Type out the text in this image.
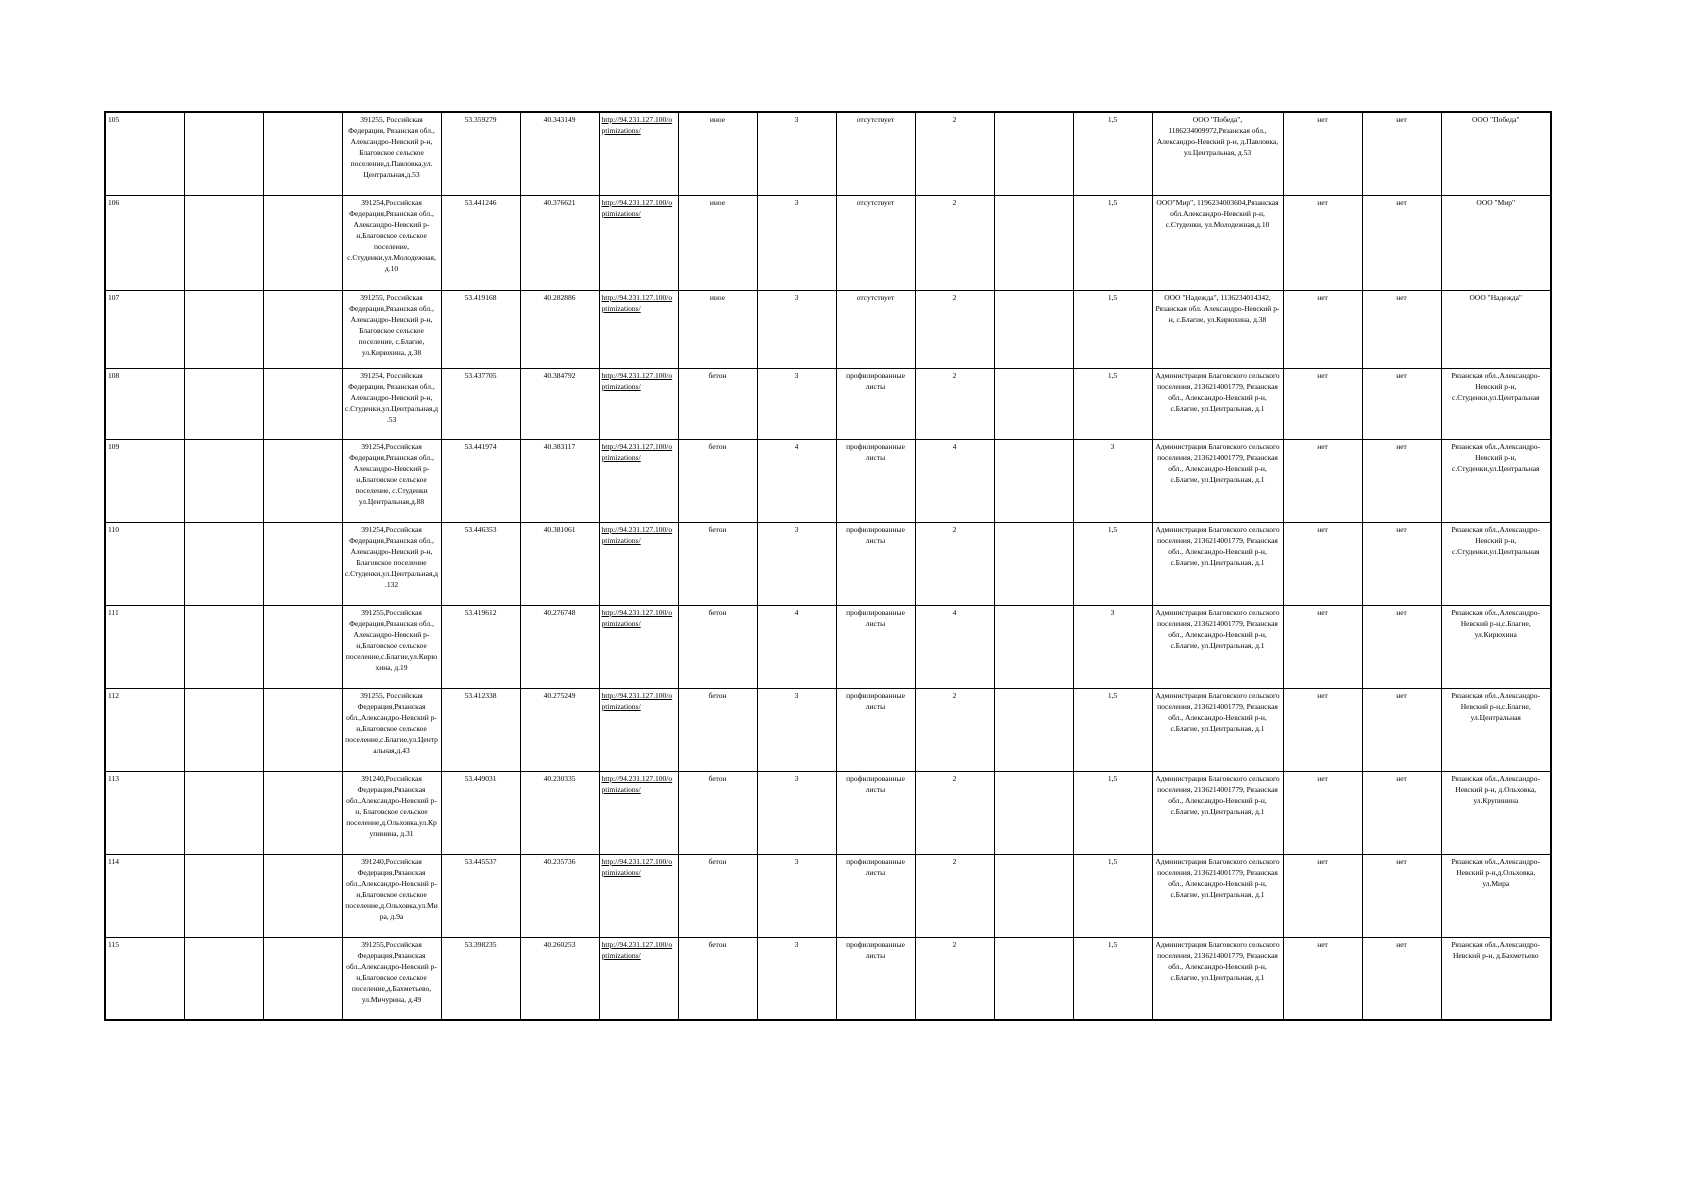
105			391255, Российская Федерация, Рязанская обл., Александро-Невский р-н, Благовское сельское поселение,д.Павловка,ул. Центральная,д.53	53.359279	40.343149	http://94.231.127.100/optimizations/	иное	3	отсутствует	2		1,5	ООО "Победа", 1186234009972,Рязанская обл., Александро-Невский р-н, д.Павловка, ул.Центральная, д.53	нет	нет	ООО "Победа"
106			391254,Российская Федерация,Рязанская обл., Александро-Невский р-н,Благовское сельское поселение, с.Студенки,ул.Молодежная, д.10	53.441246	40.376621	http://94.231.127.100/optimizations/	иное	3	отсутствует	2		1,5	ООО"Мир", 1196234003604,Рязанская обл.Александро-Невский р-н, с.Студенки, ул.Молодежная,д.10	нет	нет	ООО "Мир"
107			391255, Российская Федерация,Рязанская обл., Александро-Невский р-н, Благовское сельское поселение, с.Благие, ул.Кирюхина, д.38	53.419168	40.282886	http://94.231.127.100/optimizations/	иное	3	отсутствует	2		1,5	ООО "Надежда", 1136234014342, Рязанская обл. Александро-Невский р-н, с.Благие, ул.Кирюхина, д.38	нет	нет	ООО "Надежда"
108			391254, Российская Федерация, Рязанская обл., Александро-Невский р-н, с.Студенки,ул.Центральная,д.53	53.437705	40.384792	http://94.231.127.100/optimizations/	бетон	3	профилированные листы	2		1,5	Администрация Благовского сельского поселения, 2136214001779, Рязанская обл., Александро-Невский р-н, с.Благие, ул.Центральная, д.1	нет	нет	Рязанская обл.,Александро-Невский р-н, с.Студенки,ул.Центральная
109			391254,Российская Федерация,Рязанская обл., Александро-Невский р-н,Благовское сельское поселение, с.Студенки ул.Центральная,д.88	53.441974	40.383117	http://94.231.127.100/optimizations/	бетон	4	профилированные листы	4		3	Администрация Благовского сельского поселения, 2136214001779, Рязанская обл., Александро-Невский р-н, с.Благие, ул.Центральная, д.1	нет	нет	Рязанская обл.,Александро-Невский р-н, с.Студенки,ул.Центральная
110			391254,Российская Федерация,Рязанская обл., Александро-Невский р-н, Благовское поселение с.Студенки,ул.Центральная,д.132	53.446353	40.381061	http://94.231.127.100/optimizations/	бетон	3	профилированные листы	2		1,5	Администрация Благовского сельского поселения, 2136214001779, Рязанская обл., Александро-Невский р-н, с.Благие, ул.Центральная, д.1	нет	нет	Рязанская обл.,Александро-Невский р-н, с.Студенки,ул.Центральная
111			391255,Российская Федерация,Рязанская обл., Александро-Невский р-н,Благовское сельское поселение,с.Благие,ул.Кирюхина, д.19	53.419612	40.276748	http://94.231.127.100/optimizations/	бетон	4	профилированные листы	4		3	Администрация Благовского сельского поселения, 2136214001779, Рязанская обл., Александро-Невский р-н, с.Благие, ул.Центральная, д.1	нет	нет	Рязанская обл.,Александро-Невский р-н,с.Благие, ул.Кирюхина
112			391255, Российская Федерация,Рязанская обл.,Александро-Невский р-н,Благовское сельское поселение,с.Благие,ул.Центральная,д.43	53.412338	40.275249	http://94.231.127.100/optimizations/	бетон	3	профилированные листы	2		1,5	Администрация Благовского сельского поселения, 2136214001779, Рязанская обл., Александро-Невский р-н, с.Благие, ул.Центральная, д.1	нет	нет	Рязанская обл.,Александро-Невский р-н,с.Благие, ул.Центральная
113			391240,Российская Федерация,Рязанская обл.,Александро-Невский р-н, Благовское сельское поселение,д.Ольховка,ул.Крупинина, д.31	53.449031	40.230335	http://94.231.127.100/optimizations/	бетон	3	профилированные листы	2		1,5	Администрация Благовского сельского поселения, 2136214001779, Рязанская обл., Александро-Невский р-н, с.Благие, ул.Центральная, д.1	нет	нет	Рязанская обл.,Александро-Невский р-н, д.Ольховка, ул.Крупинина
114			391240,Российская Федерация,Рязанская обл.,Александро-Невский р-н,Благовское сельское поселение,д.Ольховка,ул.Мира, д.9а	53.445537	40.235736	http://94.231.127.100/optimizations/	бетон	3	профилированные листы	2		1,5	Администрация Благовского сельского поселения, 2136214001779, Рязанская обл., Александро-Невский р-н, с.Благие, ул.Центральная, д.1	нет	нет	Рязанская обл.,Александро-Невский р-н,д.Ольховка, ул.Мира
115			391255,Российская Федерация,Рязанская обл.,Александро-Невский р-н,Благовское сельское поселение,д.Бахметьево, ул.Мичурина, д.49	53.398235	40.260253	http://94.231.127.100/optimizations/	бетон	3	профилированные листы	2		1,5	Администрация Благовского сельского поселения, 2136214001779, Рязанская обл., Александро-Невский р-н, с.Благие, ул.Центральная, д.1	нет	нет	Рязанская обл.,Александро-Невский р-н, д.Бахметьево
